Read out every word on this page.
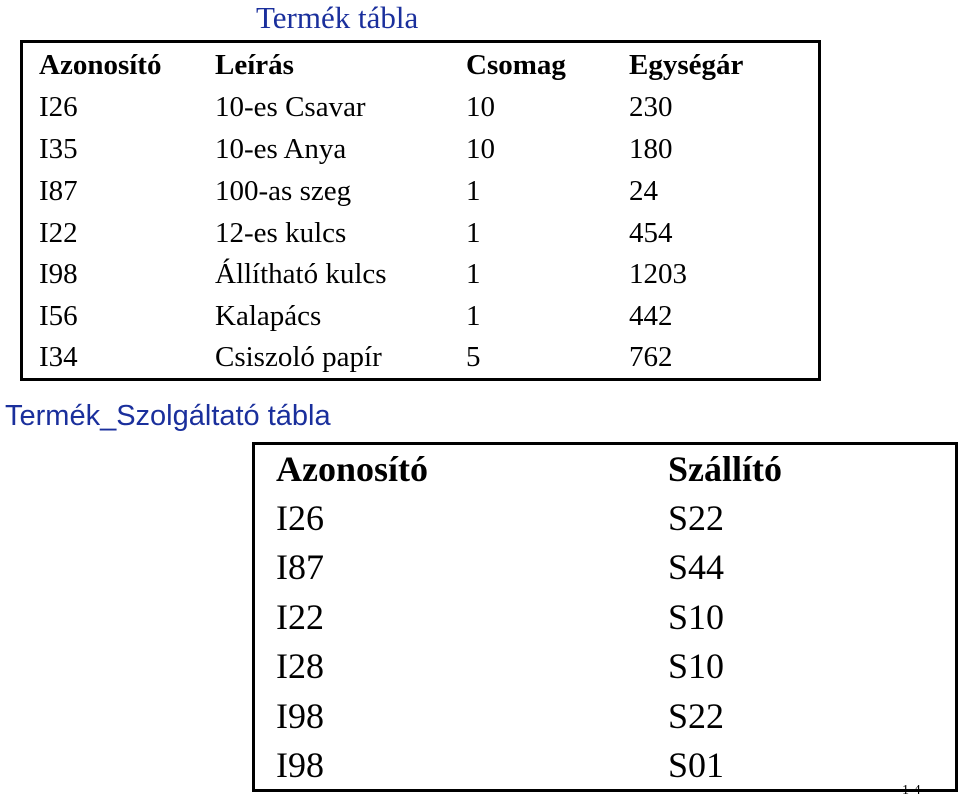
Termék tábla
Azonosító	Leírás	Csomag	Egységár
I26	10-es Csavar	10	230
I35	10-es Anya	10	180
I87	100-as szeg	1	24
I22	12-es kulcs	1	454
I98	Állítható kulcs	1	1203
I56	Kalapács	1	442
I34	Csiszoló papír	5	762
Termék_Szolgáltató tábla
Azonosító	Szállító
I26	S22
I87	S44
I22	S10
I28	S10
I98	S22
I98	S01
1-4
